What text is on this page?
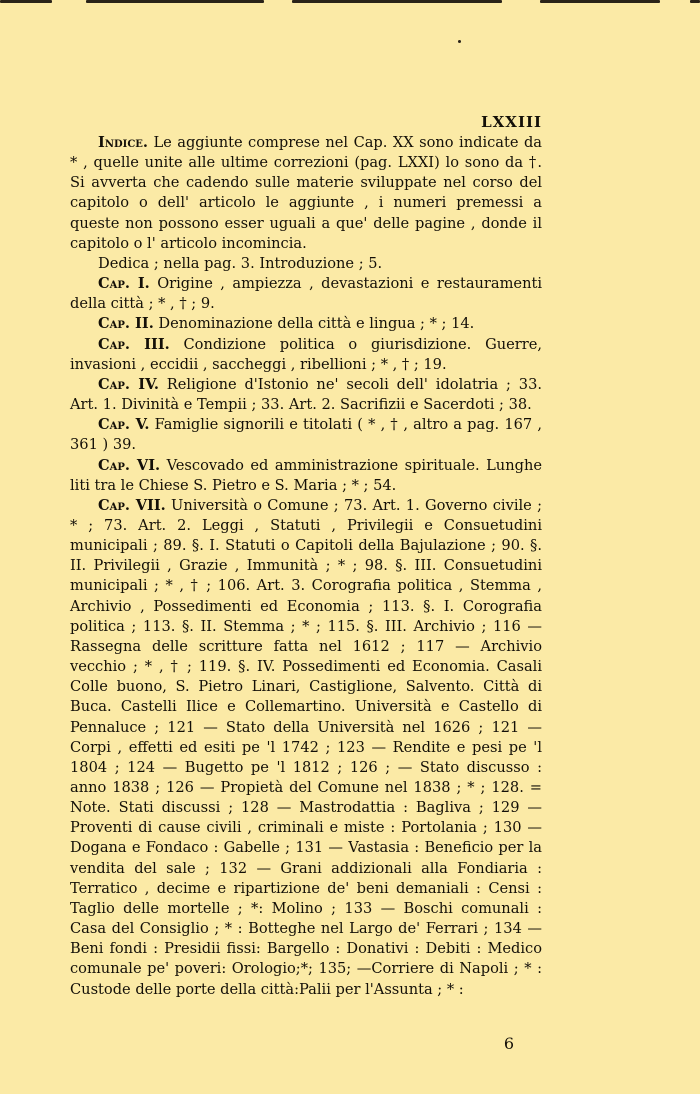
LXXIII

Indice. Le aggiunte comprese nel Cap. XX sono indicate da * , quelle unite alle ultime correzioni (pag. LXXI) lo sono da †. Si avverta che cadendo sulle materie sviluppate nel corso del capitolo o dell' articolo le aggiunte , i numeri premessi a queste non possono esser uguali a que' delle pagine , donde il capitolo o l' articolo incomincia.

Dedica ; nella pag. 3. Introduzione ; 5.

Cap. I. Origine , ampiezza , devastazioni e restauramenti della città ; * , † ; 9.

Cap. II. Denominazione della città e lingua ; * ; 14.

Cap. III. Condizione politica o giurisdizione. Guerre, invasioni , eccidii , saccheggi , ribellioni ; * , † ; 19.

Cap. IV. Religione d'Istonio ne' secoli dell' idolatria ; 33. Art. 1. Divinità e Tempii ; 33. Art. 2. Sacrifizii e Sacerdoti ; 38.

Cap. V. Famiglie signorili e titolati ( * , † , altro a pag. 167 , 361 ) 39.

Cap. VI. Vescovado ed amministrazione spirituale. Lunghe liti tra le Chiese S. Pietro e S. Maria ; * ; 54.

Cap. VII. Università o Comune ; 73. Art. 1. Governo civile ; * ; 73. Art. 2. Leggi , Statuti , Privilegii e Consuetudini municipali ; 89. §. I. Statuti o Capitoli della Bajulazione ; 90. §. II. Privilegii , Grazie , Immunità ; * ; 98. §. III. Consuetudini municipali ; * , † ; 106. Art. 3. Corografia politica , Stemma , Archivio , Possedimenti ed Economia ; 113. §. I. Corografia politica ; 113. §. II. Stemma ; * ; 115. §. III. Archivio ; 116 — Rassegna delle scritture fatta nel 1612 ; 117 — Archivio vecchio ; * , † ; 119. §. IV. Possedimenti ed Economia. Casali Colle buono, S. Pietro Linari, Castiglione, Salvento. Città di Buca. Castelli Ilice e Collemartino. Università e Castello di Pennaluce ; 121 — Stato della Università nel 1626 ; 121 — Corpi , effetti ed esiti pe 'l 1742 ; 123 — Rendite e pesi pe 'l 1804 ; 124 — Bugetto pe 'l 1812 ; 126 ; — Stato discusso : anno 1838 ; 126 — Propietà del Comune nel 1838 ; * ; 128. = Note. Stati discussi ; 128 — Mastrodattia : Bagliva ; 129 — Proventi di cause civili , criminali e miste : Portolania ; 130 — Dogana e Fondaco : Gabelle ; 131 — Vastasia : Beneficio per la vendita del sale ; 132 — Grani addizionali alla Fondiaria : Terratico , decime e ripartizione de' beni demaniali : Censi : Taglio delle mortelle ; *: Molino ; 133 — Boschi comunali : Casa del Consiglio ; * : Botteghe nel Largo de' Ferrari ; 134 — Beni fondi : Presidii fissi: Bargello : Donativi : Debiti : Medico comunale pe' poveri: Orologio;*; 135; —Corriere di Napoli ; * : Custode delle porte della città:Palii per l'Assunta ; * :

6
